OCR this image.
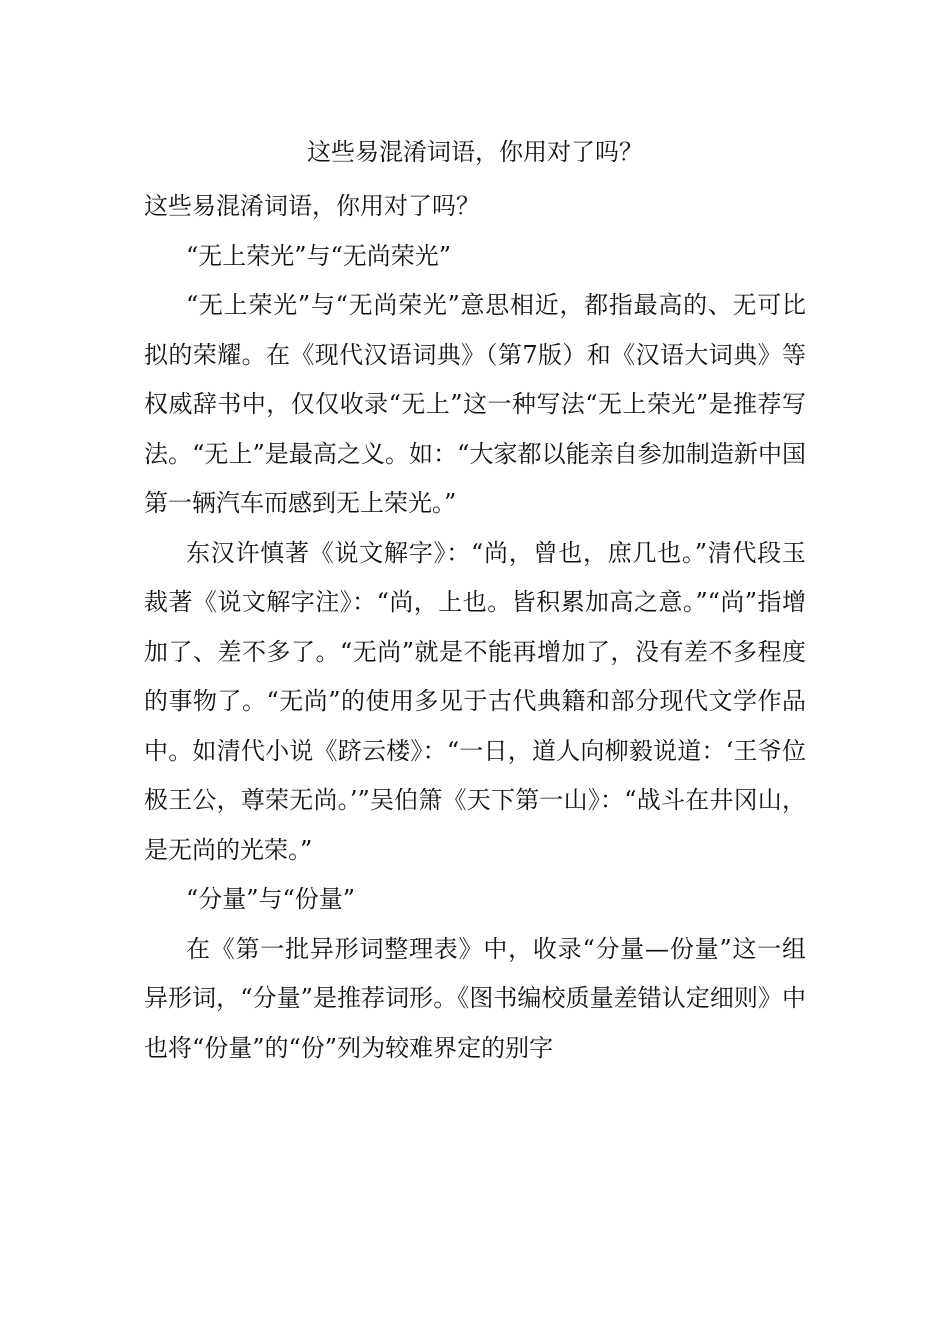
这些易混淆词语，你用对了吗？

这些易混淆词语，你用对了吗？

“无上荣光”与“无尚荣光”

“无上荣光”与“无尚荣光”意思相近，都指最高的、无可比拟的荣耀。在《现代汉语词典》（第7版）和《汉语大词典》等权威辞书中，仅仅收录“无上”这一种写法“无上荣光”是推荐写法。“无上”是最高之义。如：“大家都以能亲自参加制造新中国第一辆汽车而感到无上荣光。”

东汉许慎著《说文解字》：“尚，曾也，庶几也。”清代段玉裁著《说文解字注》：“尚，上也。皆积累加高之意。”“尚”指增加了、差不多了。“无尚”就是不能再增加了，没有差不多程度的事物了。“无尚”的使用多见于古代典籍和部分现代文学作品中。如清代小说《跻云楼》：“一日，道人向柳毅说道：‘王爷位极王公，尊荣无尚。’”吴伯箫《天下第一山》：“战斗在井冈山，是无尚的光荣。”

“分量”与“份量”

在《第一批异形词整理表》中，收录“分量—份量”这一组异形词，“分量”是推荐词形。《图书编校质量差错认定细则》中也将“份量”的“份”列为较难界定的别字
